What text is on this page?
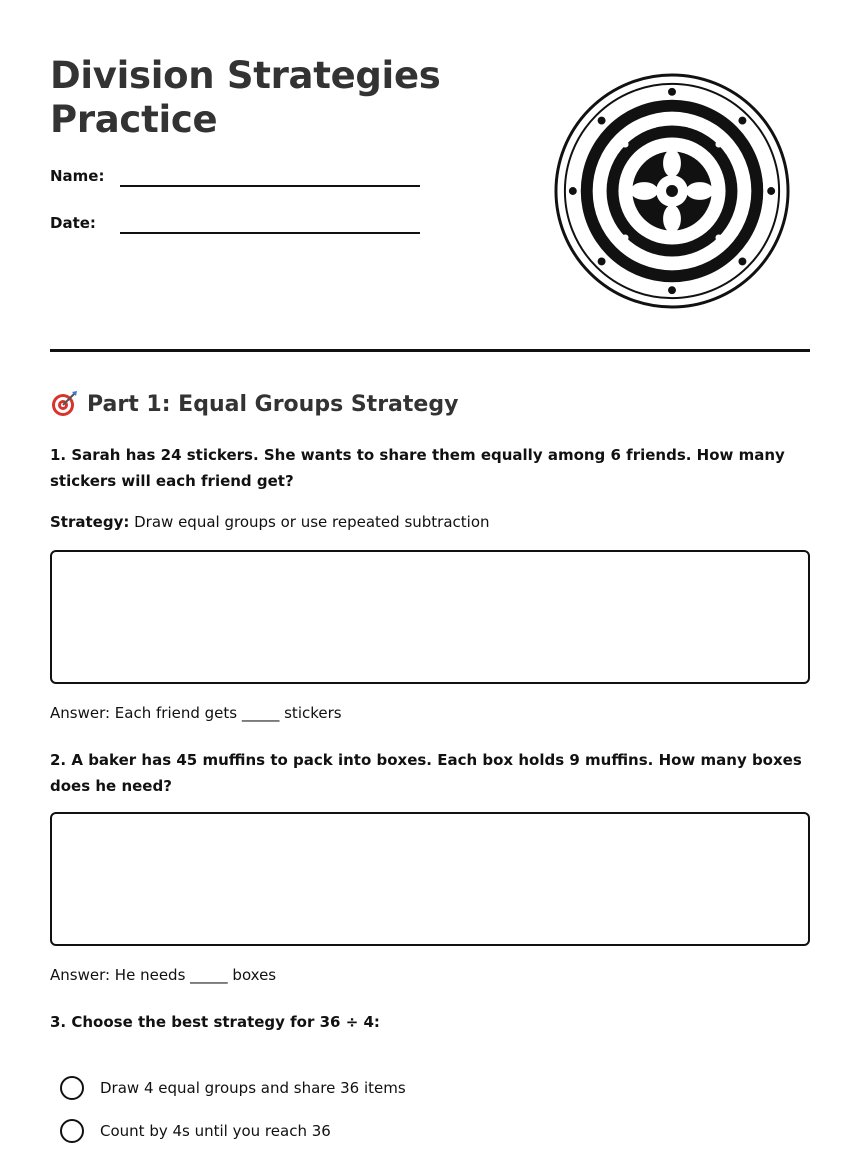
Division Strategies Practice
Name:
Date:
Part 1: Equal Groups Strategy

1. Sarah has 24 stickers. She wants to share them equally among 6 friends. How many stickers will each friend get?

Strategy: Draw equal groups or use repeated subtraction
Answer: Each friend gets _____ stickers

2. A baker has 45 muffins to pack into boxes. Each box holds 9 muffins. How many boxes does he need?

Answer: He needs _____ boxes

3. Choose the best strategy for 36 ÷ 4:

Draw 4 equal groups and share 36 items
Count by 4s until you reach 36
